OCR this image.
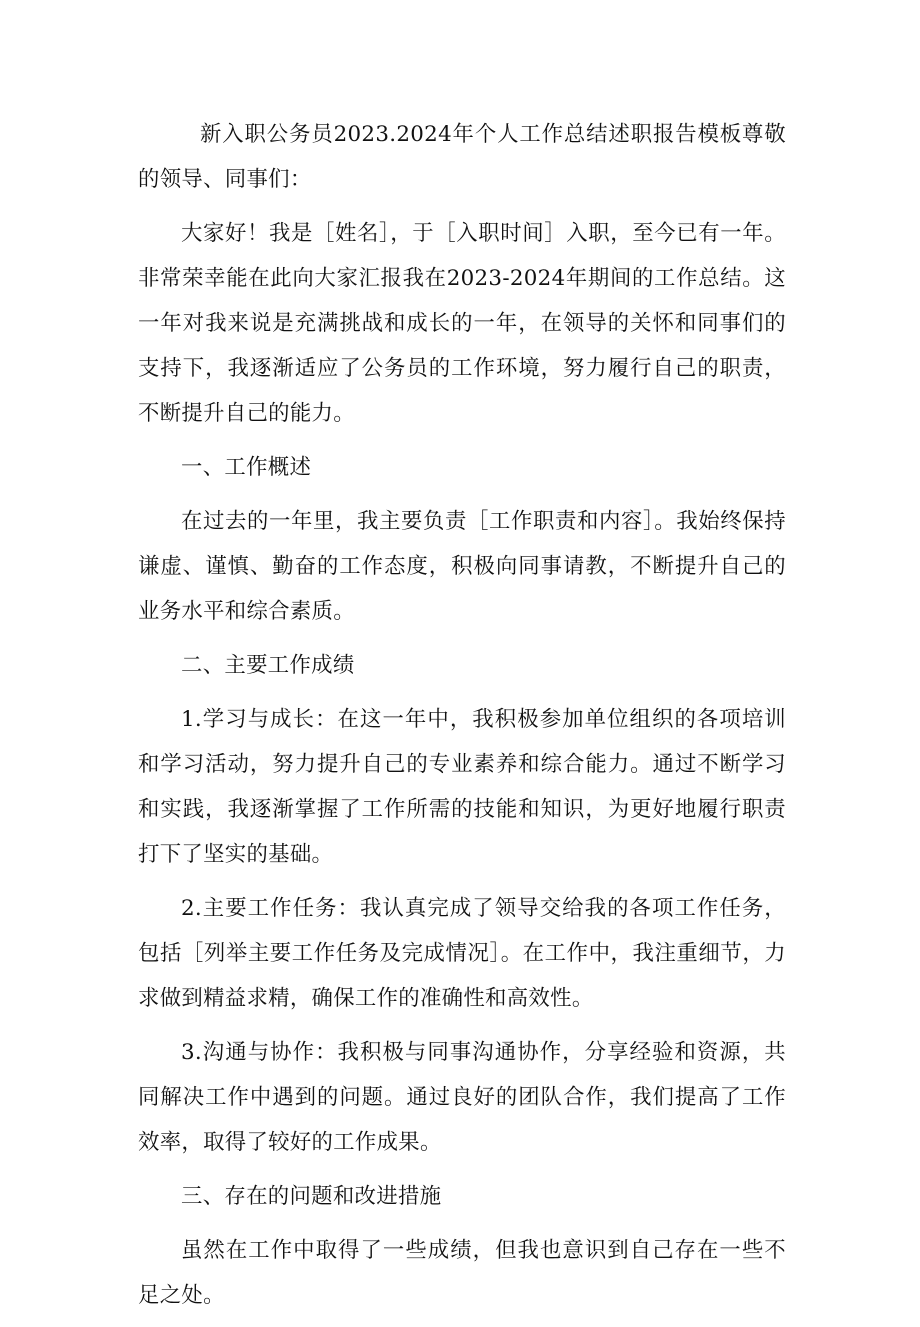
新入职公务员2023.2024年个人工作总结述职报告模板尊敬的领导、同事们：

大家好！我是［姓名］，于［入职时间］入职，至今已有一年。非常荣幸能在此向大家汇报我在2023-2024年期间的工作总结。这一年对我来说是充满挑战和成长的一年，在领导的关怀和同事们的支持下，我逐渐适应了公务员的工作环境，努力履行自己的职责，不断提升自己的能力。

一、工作概述

在过去的一年里，我主要负责［工作职责和内容］。我始终保持谦虚、谨慎、勤奋的工作态度，积极向同事请教，不断提升自己的业务水平和综合素质。

二、主要工作成绩

1.学习与成长：在这一年中，我积极参加单位组织的各项培训和学习活动，努力提升自己的专业素养和综合能力。通过不断学习和实践，我逐渐掌握了工作所需的技能和知识，为更好地履行职责打下了坚实的基础。

2.主要工作任务：我认真完成了领导交给我的各项工作任务，包括［列举主要工作任务及完成情况］。在工作中，我注重细节，力求做到精益求精，确保工作的准确性和高效性。

3.沟通与协作：我积极与同事沟通协作，分享经验和资源，共同解决工作中遇到的问题。通过良好的团队合作，我们提高了工作效率，取得了较好的工作成果。

三、存在的问题和改进措施

虽然在工作中取得了一些成绩，但我也意识到自己存在一些不足之处。
